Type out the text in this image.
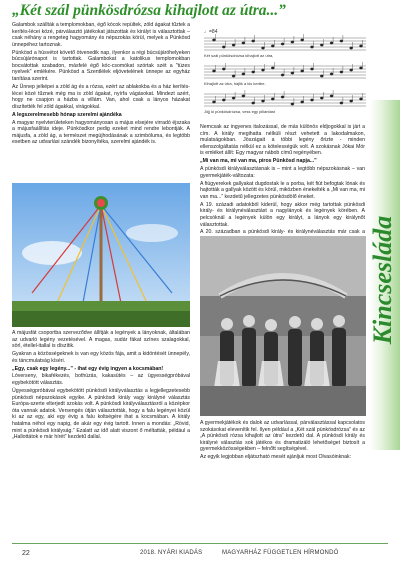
„Két szál pünkösdrózsa kihajlott az útra...”
♩=84
Két szál pünkösdrózsa kihajlott az útra,
Kihajlott az útra, hajlik a kis kertbe,
Jöjj ki pünkösdrózsa, vess egy pillantást

Galambok szállták a templomokban, égő kócok repültek, zöld ágakat tűztek a kerítés-lécei közé, párválasztó játékokat játszottak és királyt is választottak – csak néhány a rengeteg hagyomány és népszokás körül, melyek a Pünkösd ünnepéhez tartoznak.

Pünkösd a húsvétot követő ötvenedik nap, ilyenkor a régi búcsújáróhelyeken búcsújárónapot is tartottak. Galambokat a katolikus templomokban bocsátottak szabadon, másfelé égő kóc-csomókat szórtak szét a "tüzes nyelvek" emlékére. Pünkösd a Szentlélek eljövetelének ünnepe az egyház tanítása szerint.

Az Ünnep jelképei a zöld ág és a rózsa, ezért az ablakokba és a ház kerítés-lécei közé tűznek még ma is zöld ágakat, nyírfa vágásokat. Mindezt azért, hogy ne csapjon a házba a villám. Van, ahol csak a lányos házakat díszítették fel zöld ágakkal, virágokkal.

A legszerelmesebb hónap szerelmi ajándéka

A magyar nyelvterületeken hagyományosan a május elsejére virradó éjszaka a májusfaállítás ideje. Pünkösdkor pedig ezeket mind rendre lebontják. A májusfa, a zöld ág, a természet megújhodásának a szimbóluma, és legtöbb esetben az udvarlási szándék bizonyítéka, szerelmi ajándék is.

Nemcsak az ingyenes italozással, de más különös eldjogokkal is járt a cím. A király megihatta nélküli részt vehetett a lakodalmakon, mulatságokban. Jöszágait a többi legény őrizte - minden ellenszolgáltatás nélkül ez a kötelességük volt. A szokásnak Jókai Mór is emléket állít: Egy magyar nábob című regényében.

„Mi van ma, mi van ma, piros Pünkösd napja...”

A pünkösdi királyválasztásnak is – mint a legtöbb népszokásnak – van gyermekjáték-változata:

A fiúgyerekek gallyakat dugdostak le a porba, két fiút befogtak lónak és hajtották a gallyak között és körül, miközben énekelték a „Mi van ma, mi van ma...” kezdetű jellegzetes pünkösdölő éneket.

A 19. századi adatokból kiderül, hogy akkor még tartottak pünkösdi király- és királynéválasztást a nagylányok és legények körében. A pelcsóknál a legények külön egy királyt, a lányok egy királynőt választottak.

A 20. században a pünkösdi király- és királynéválasztás már csak a

A májusfát csoportba szerveződve állítják a legények a lányoknak, általában az udvarló legény vezetésével. A magas, sudár fákat színes szalagokkal, sörl, étellel-itallal is díszítik.

Gyakran a közösségeknek is van egy közös fája, amit a kidöntését ünnepély, és táncmulatság kíséri.

„Egy, csak egy legény...” - ihat egy évig ingyen a kocsmában!

Lóverseny, bikafékezés, bothúzás, kakasütés – az ügyességpróbával egybekötött választás.

Ügyességpróbával egybekötött pünkösdi királyválasztás a legjellegzetesebb pünkösdi népszokások egyike. A pünkösdi király vagy királyné választás Európa-szerte elterjedt szokás volt. A pünkösdi királyválasztásról a középkor óta vannak adatok. Versengés útján választották, hogy a falu legényei közül ki az az egy, aki egy évig a falu koltségére ihat a kocsmában. A király hatalma néhol egy napig, de akár egy évig tartott. Innen a mondás: „Rövid, mint a pünkösdi királyság.” Ezalatt az idő alatt viszont ő méltatták, például a „Hallottátok e már hírét” kezdetű dallal.

A gyermekjátékok és dalok az udvarlással, párválasztással kapcsolatos szokásokat elevenítik fel. Ilyen például a „Két szál pünkösdrózsa” és az „A pünkösdi rózsa kihajlott az útra” kezdetű dal. A pünkösdi király és királyné választás sok játékos és dramatizáló lehetőséget biztosít a gyermekközösségekben – felnőtt segítségével.

Az egyik legjobban eljátszható mesét ajánljuk most Olvasóinknak:

Kincsesláda
22	2018. NYÁRI KIADÁS	MAGYARHÁZ FÜGGETLEN HÍRMONDÓ
